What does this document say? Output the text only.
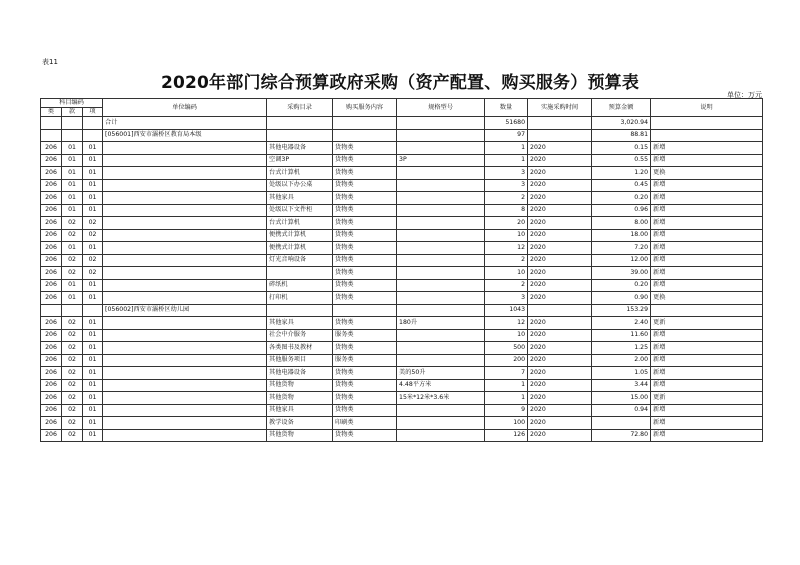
表11
2020年部门综合预算政府采购（资产配置、购买服务）预算表
单位：万元
科目编码			单位编码	采购目录	购买服务内容	规格型号	数量	实施采购时间	预算金额	说明
类	款	项								
			合计				51680		3,020.94	
			[056001]西安市灞桥区教育局本级				97		88.81	
206	01	01		其他电器设备	货物类		1	2020	0.15	新增
206	01	01		空调3P	货物类	3P	1	2020	0.55	新增
206	01	01		台式计算机	货物类		3	2020	1.20	更换
206	01	01		处级以下办公桌	货物类		3	2020	0.45	新增
206	01	01		其他家具	货物类		2	2020	0.20	新增
206	01	01		处级以下文件柜	货物类		8	2020	0.96	新增
206	02	02		台式计算机	货物类		20	2020	8.00	新增
206	02	02		便携式计算机	货物类		10	2020	18.00	新增
206	01	01		便携式计算机	货物类		12	2020	7.20	新增
206	02	02		灯光音响设备	货物类		2	2020	12.00	新增
206	02	02			货物类		10	2020	39.00	新增
206	01	01		碎纸机	货物类		2	2020	0.20	新增
206	01	01		打印机	货物类		3	2020	0.90	更换
			[056002]西安市灞桥区幼儿园				1043		153.29	
206	02	01		其他家具	货物类	180升	12	2020	2.40	更新
206	02	01		社会中介服务	服务类		10	2020	11.60	新增
206	02	01		各类图书及教材	货物类		500	2020	1.25	新增
206	02	01		其他服务项目	服务类		200	2020	2.00	新增
206	02	01		其他电器设备	货物类	美的50升	7	2020	1.05	新增
206	02	01		其他货物	货物类	4.48平方米	1	2020	3.44	新增
206	02	01		其他货物	货物类	15米*12米*3.6米	1	2020	15.00	更新
206	02	01		其他家具	货物类		9	2020	0.94	新增
206	02	01		教学设备	印刷类		100	2020		新增
206	02	01		其他货物	货物类		126	2020	72.80	新增
